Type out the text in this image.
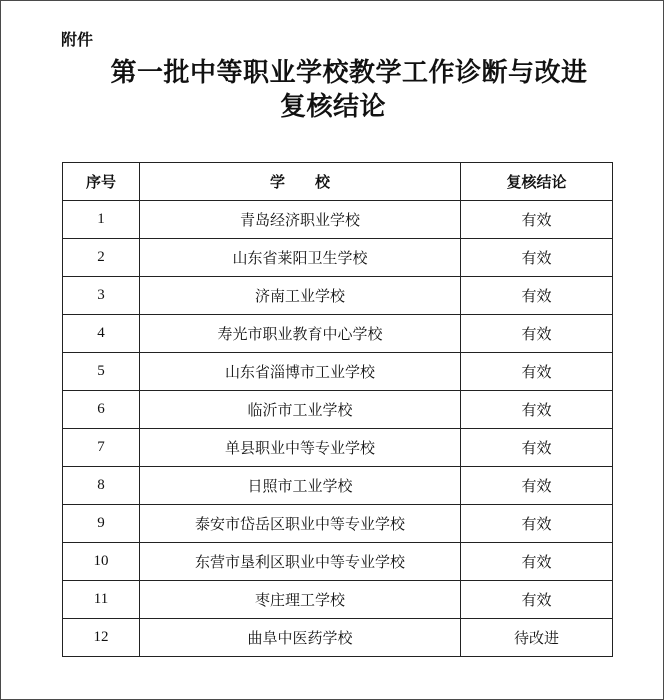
附件
第一批中等职业学校教学工作诊断与改进
复核结论
序号	学　　校	复核结论
1	青岛经济职业学校	有效
2	山东省莱阳卫生学校	有效
3	济南工业学校	有效
4	寿光市职业教育中心学校	有效
5	山东省淄博市工业学校	有效
6	临沂市工业学校	有效
7	单县职业中等专业学校	有效
8	日照市工业学校	有效
9	泰安市岱岳区职业中等专业学校	有效
10	东营市垦利区职业中等专业学校	有效
11	枣庄理工学校	有效
12	曲阜中医药学校	待改进
